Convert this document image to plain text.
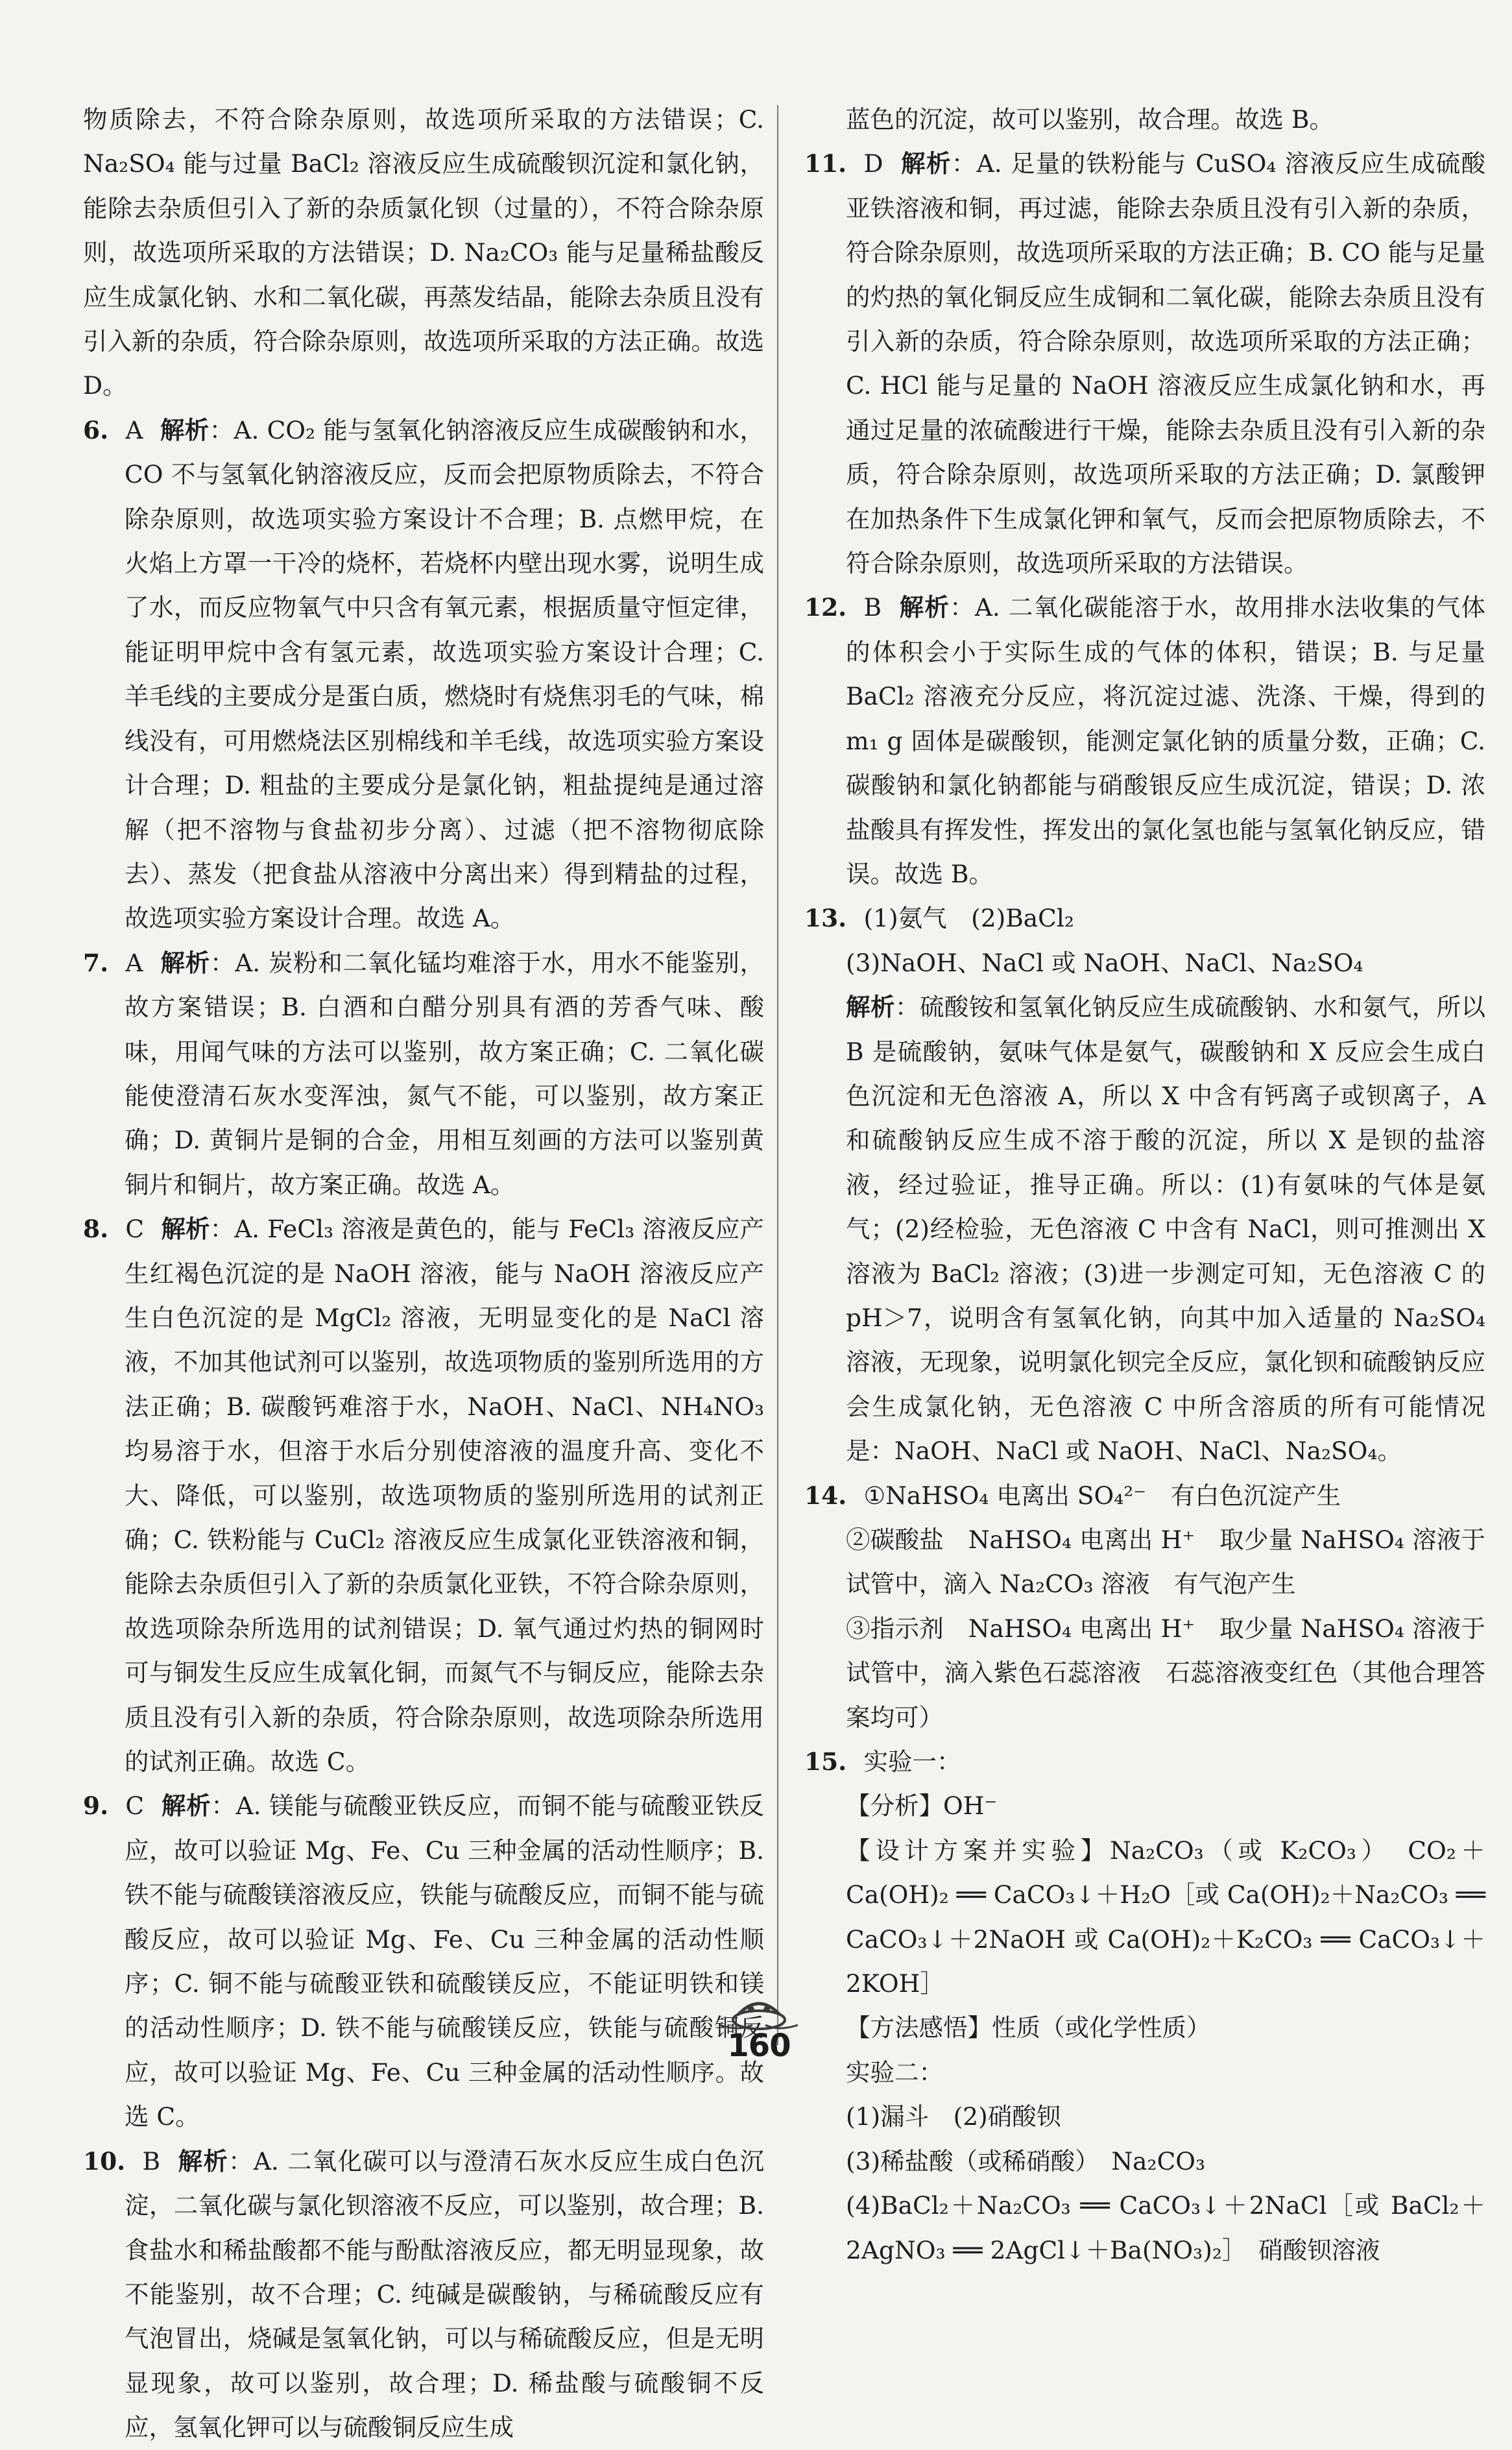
物质除去，不符合除杂原则，故选项所采取的方法错误；C. Na₂SO₄ 能与过量 BaCl₂ 溶液反应生成硫酸钡沉淀和氯化钠，能除去杂质但引入了新的杂质氯化钡（过量的），不符合除杂原则，故选项所采取的方法错误；D. Na₂CO₃ 能与足量稀盐酸反应生成氯化钠、水和二氧化碳，再蒸发结晶，能除去杂质且没有引入新的杂质，符合除杂原则，故选项所采取的方法正确。故选 D。

6. A 解析：A. CO₂ 能与氢氧化钠溶液反应生成碳酸钠和水，CO 不与氢氧化钠溶液反应，反而会把原物质除去，不符合除杂原则，故选项实验方案设计不合理；B. 点燃甲烷，在火焰上方罩一干冷的烧杯，若烧杯内壁出现水雾，说明生成了水，而反应物氧气中只含有氧元素，根据质量守恒定律，能证明甲烷中含有氢元素，故选项实验方案设计合理；C. 羊毛线的主要成分是蛋白质，燃烧时有烧焦羽毛的气味，棉线没有，可用燃烧法区别棉线和羊毛线，故选项实验方案设计合理；D. 粗盐的主要成分是氯化钠，粗盐提纯是通过溶解（把不溶物与食盐初步分离）、过滤（把不溶物彻底除去）、蒸发（把食盐从溶液中分离出来）得到精盐的过程，故选项实验方案设计合理。故选 A。

7. A 解析：A. 炭粉和二氧化锰均难溶于水，用水不能鉴别，故方案错误；B. 白酒和白醋分别具有酒的芳香气味、酸味，用闻气味的方法可以鉴别，故方案正确；C. 二氧化碳能使澄清石灰水变浑浊，氮气不能，可以鉴别，故方案正确；D. 黄铜片是铜的合金，用相互刻画的方法可以鉴别黄铜片和铜片，故方案正确。故选 A。

8. C 解析：A. FeCl₃ 溶液是黄色的，能与 FeCl₃ 溶液反应产生红褐色沉淀的是 NaOH 溶液，能与 NaOH 溶液反应产生白色沉淀的是 MgCl₂ 溶液，无明显变化的是 NaCl 溶液，不加其他试剂可以鉴别，故选项物质的鉴别所选用的方法正确；B. 碳酸钙难溶于水，NaOH、NaCl、NH₄NO₃ 均易溶于水，但溶于水后分别使溶液的温度升高、变化不大、降低，可以鉴别，故选项物质的鉴别所选用的试剂正确；C. 铁粉能与 CuCl₂ 溶液反应生成氯化亚铁溶液和铜，能除去杂质但引入了新的杂质氯化亚铁，不符合除杂原则，故选项除杂所选用的试剂错误；D. 氧气通过灼热的铜网时可与铜发生反应生成氧化铜，而氮气不与铜反应，能除去杂质且没有引入新的杂质，符合除杂原则，故选项除杂所选用的试剂正确。故选 C。

9. C 解析：A. 镁能与硫酸亚铁反应，而铜不能与硫酸亚铁反应，故可以验证 Mg、Fe、Cu 三种金属的活动性顺序；B. 铁不能与硫酸镁溶液反应，铁能与硫酸反应，而铜不能与硫酸反应，故可以验证 Mg、Fe、Cu 三种金属的活动性顺序；C. 铜不能与硫酸亚铁和硫酸镁反应，不能证明铁和镁的活动性顺序；D. 铁不能与硫酸镁反应，铁能与硫酸铜反应，故可以验证 Mg、Fe、Cu 三种金属的活动性顺序。故选 C。

10. B 解析：A. 二氧化碳可以与澄清石灰水反应生成白色沉淀，二氧化碳与氯化钡溶液不反应，可以鉴别，故合理；B. 食盐水和稀盐酸都不能与酚酞溶液反应，都无明显现象，故不能鉴别，故不合理；C. 纯碱是碳酸钠，与稀硫酸反应有气泡冒出，烧碱是氢氧化钠，可以与稀硫酸反应，但是无明显现象，故可以鉴别，故合理；D. 稀盐酸与硫酸铜不反应，氢氧化钾可以与硫酸铜反应生成

蓝色的沉淀，故可以鉴别，故合理。故选 B。

11. D 解析：A. 足量的铁粉能与 CuSO₄ 溶液反应生成硫酸亚铁溶液和铜，再过滤，能除去杂质且没有引入新的杂质，符合除杂原则，故选项所采取的方法正确；B. CO 能与足量的灼热的氧化铜反应生成铜和二氧化碳，能除去杂质且没有引入新的杂质，符合除杂原则，故选项所采取的方法正确；C. HCl 能与足量的 NaOH 溶液反应生成氯化钠和水，再通过足量的浓硫酸进行干燥，能除去杂质且没有引入新的杂质，符合除杂原则，故选项所采取的方法正确；D. 氯酸钾在加热条件下生成氯化钾和氧气，反而会把原物质除去，不符合除杂原则，故选项所采取的方法错误。

12. B 解析：A. 二氧化碳能溶于水，故用排水法收集的气体的体积会小于实际生成的气体的体积，错误；B. 与足量 BaCl₂ 溶液充分反应，将沉淀过滤、洗涤、干燥，得到的 m₁ g 固体是碳酸钡，能测定氯化钠的质量分数，正确；C. 碳酸钠和氯化钠都能与硝酸银反应生成沉淀，错误；D. 浓盐酸具有挥发性，挥发出的氯化氢也能与氢氧化钠反应，错误。故选 B。

13. (1)氨气　(2)BaCl₂

(3)NaOH、NaCl 或 NaOH、NaCl、Na₂SO₄

解析：硫酸铵和氢氧化钠反应生成硫酸钠、水和氨气，所以 B 是硫酸钠，氨味气体是氨气，碳酸钠和 X 反应会生成白色沉淀和无色溶液 A，所以 X 中含有钙离子或钡离子，A 和硫酸钠反应生成不溶于酸的沉淀，所以 X 是钡的盐溶液，经过验证，推导正确。所以：(1)有氨味的气体是氨气；(2)经检验，无色溶液 C 中含有 NaCl，则可推测出 X 溶液为 BaCl₂ 溶液；(3)进一步测定可知，无色溶液 C 的 pH＞7，说明含有氢氧化钠，向其中加入适量的 Na₂SO₄ 溶液，无现象，说明氯化钡完全反应，氯化钡和硫酸钠反应会生成氯化钠，无色溶液 C 中所含溶质的所有可能情况是：NaOH、NaCl 或 NaOH、NaCl、Na₂SO₄。

14. ①NaHSO₄ 电离出 SO₄²⁻　有白色沉淀产生

②碳酸盐　NaHSO₄ 电离出 H⁺　取少量 NaHSO₄ 溶液于试管中，滴入 Na₂CO₃ 溶液　有气泡产生

③指示剂　NaHSO₄ 电离出 H⁺　取少量 NaHSO₄ 溶液于试管中，滴入紫色石蕊溶液　石蕊溶液变红色（其他合理答案均可）

15. 实验一：

【分析】OH⁻

【设计方案并实验】Na₂CO₃（或 K₂CO₃）　CO₂＋Ca(OH)₂ ══ CaCO₃↓＋H₂O［或 Ca(OH)₂＋Na₂CO₃ ══ CaCO₃↓＋2NaOH 或 Ca(OH)₂＋K₂CO₃ ══ CaCO₃↓＋2KOH］

【方法感悟】性质（或化学性质）

实验二：

(1)漏斗　(2)硝酸钡

(3)稀盐酸（或稀硝酸）　Na₂CO₃

(4)BaCl₂＋Na₂CO₃ ══ CaCO₃↓＋2NaCl［或 BaCl₂＋2AgNO₃ ══ 2AgCl↓＋Ba(NO₃)₂］　硝酸钡溶液

160
